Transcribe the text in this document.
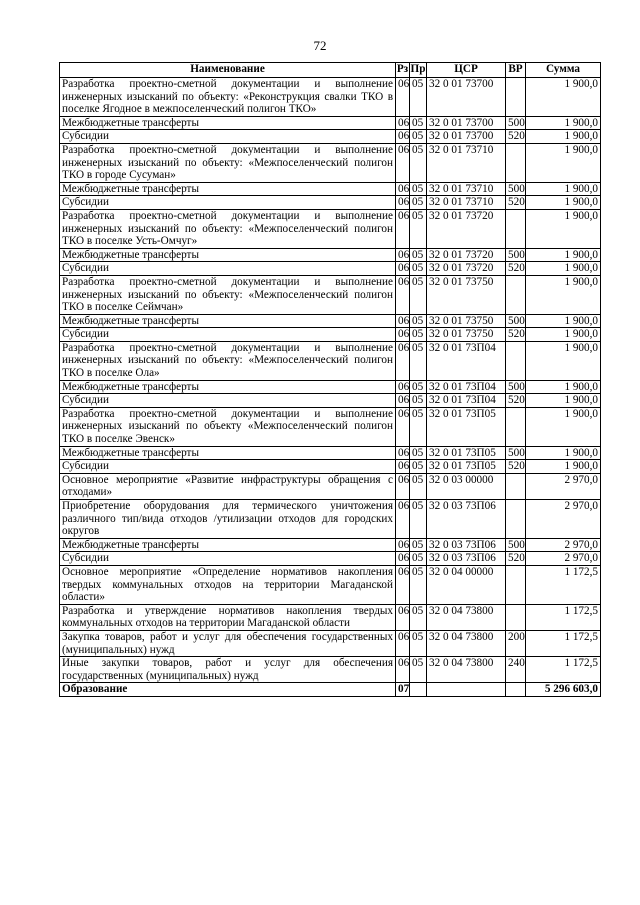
72
Наименование	Рз	Пр	ЦСР	ВР	Сумма
Разработка проектно-сметной документации и выполнение инженерных изысканий по объекту: «Реконструкция свалки ТКО в поселке Ягодное в межпоселенческий полигон ТКО»	06	05	32 0 01 73700		1 900,0
Межбюджетные трансферты	06	05	32 0 01 73700	500	1 900,0
Субсидии	06	05	32 0 01 73700	520	1 900,0
Разработка проектно-сметной документации и выполнение инженерных изысканий по объекту: «Межпоселенческий полигон ТКО в городе Сусуман»	06	05	32 0 01 73710		1 900,0
Межбюджетные трансферты	06	05	32 0 01 73710	500	1 900,0
Субсидии	06	05	32 0 01 73710	520	1 900,0
Разработка проектно-сметной документации и выполнение инженерных изысканий по объекту: «Межпоселенческий полигон ТКО в поселке Усть-Омчуг»	06	05	32 0 01 73720		1 900,0
Межбюджетные трансферты	06	05	32 0 01 73720	500	1 900,0
Субсидии	06	05	32 0 01 73720	520	1 900,0
Разработка проектно-сметной документации и выполнение инженерных изысканий по объекту: «Межпоселенческий полигон ТКО в поселке Сеймчан»	06	05	32 0 01 73750		1 900,0
Межбюджетные трансферты	06	05	32 0 01 73750	500	1 900,0
Субсидии	06	05	32 0 01 73750	520	1 900,0
Разработка проектно-сметной документации и выполнение инженерных изысканий по объекту: «Межпоселенческий полигон ТКО в поселке Ола»	06	05	32 0 01 73П04		1 900,0
Межбюджетные трансферты	06	05	32 0 01 73П04	500	1 900,0
Субсидии	06	05	32 0 01 73П04	520	1 900,0
Разработка проектно-сметной документации и выполнение инженерных изысканий по объекту «Межпоселенческий полигон ТКО в поселке Эвенск»	06	05	32 0 01 73П05		1 900,0
Межбюджетные трансферты	06	05	32 0 01 73П05	500	1 900,0
Субсидии	06	05	32 0 01 73П05	520	1 900,0
Основное мероприятие «Развитие инфраструктуры обращения с отходами»	06	05	32 0 03 00000		2 970,0
Приобретение оборудования для термического уничтожения различного тип/вида отходов /утилизации отходов для городских округов	06	05	32 0 03 73П06		2 970,0
Межбюджетные трансферты	06	05	32 0 03 73П06	500	2 970,0
Субсидии	06	05	32 0 03 73П06	520	2 970,0
Основное мероприятие «Определение нормативов накопления твердых коммунальных отходов на территории Магаданской области»	06	05	32 0 04 00000		1 172,5
Разработка и утверждение нормативов накопления твердых коммунальных отходов на территории Магаданской области	06	05	32 0 04 73800		1 172,5
Закупка товаров, работ и услуг для обеспечения государственных (муниципальных) нужд	06	05	32 0 04 73800	200	1 172,5
Иные закупки товаров, работ и услуг для обеспечения государственных (муниципальных) нужд	06	05	32 0 04 73800	240	1 172,5
Образование	07				5 296 603,0
